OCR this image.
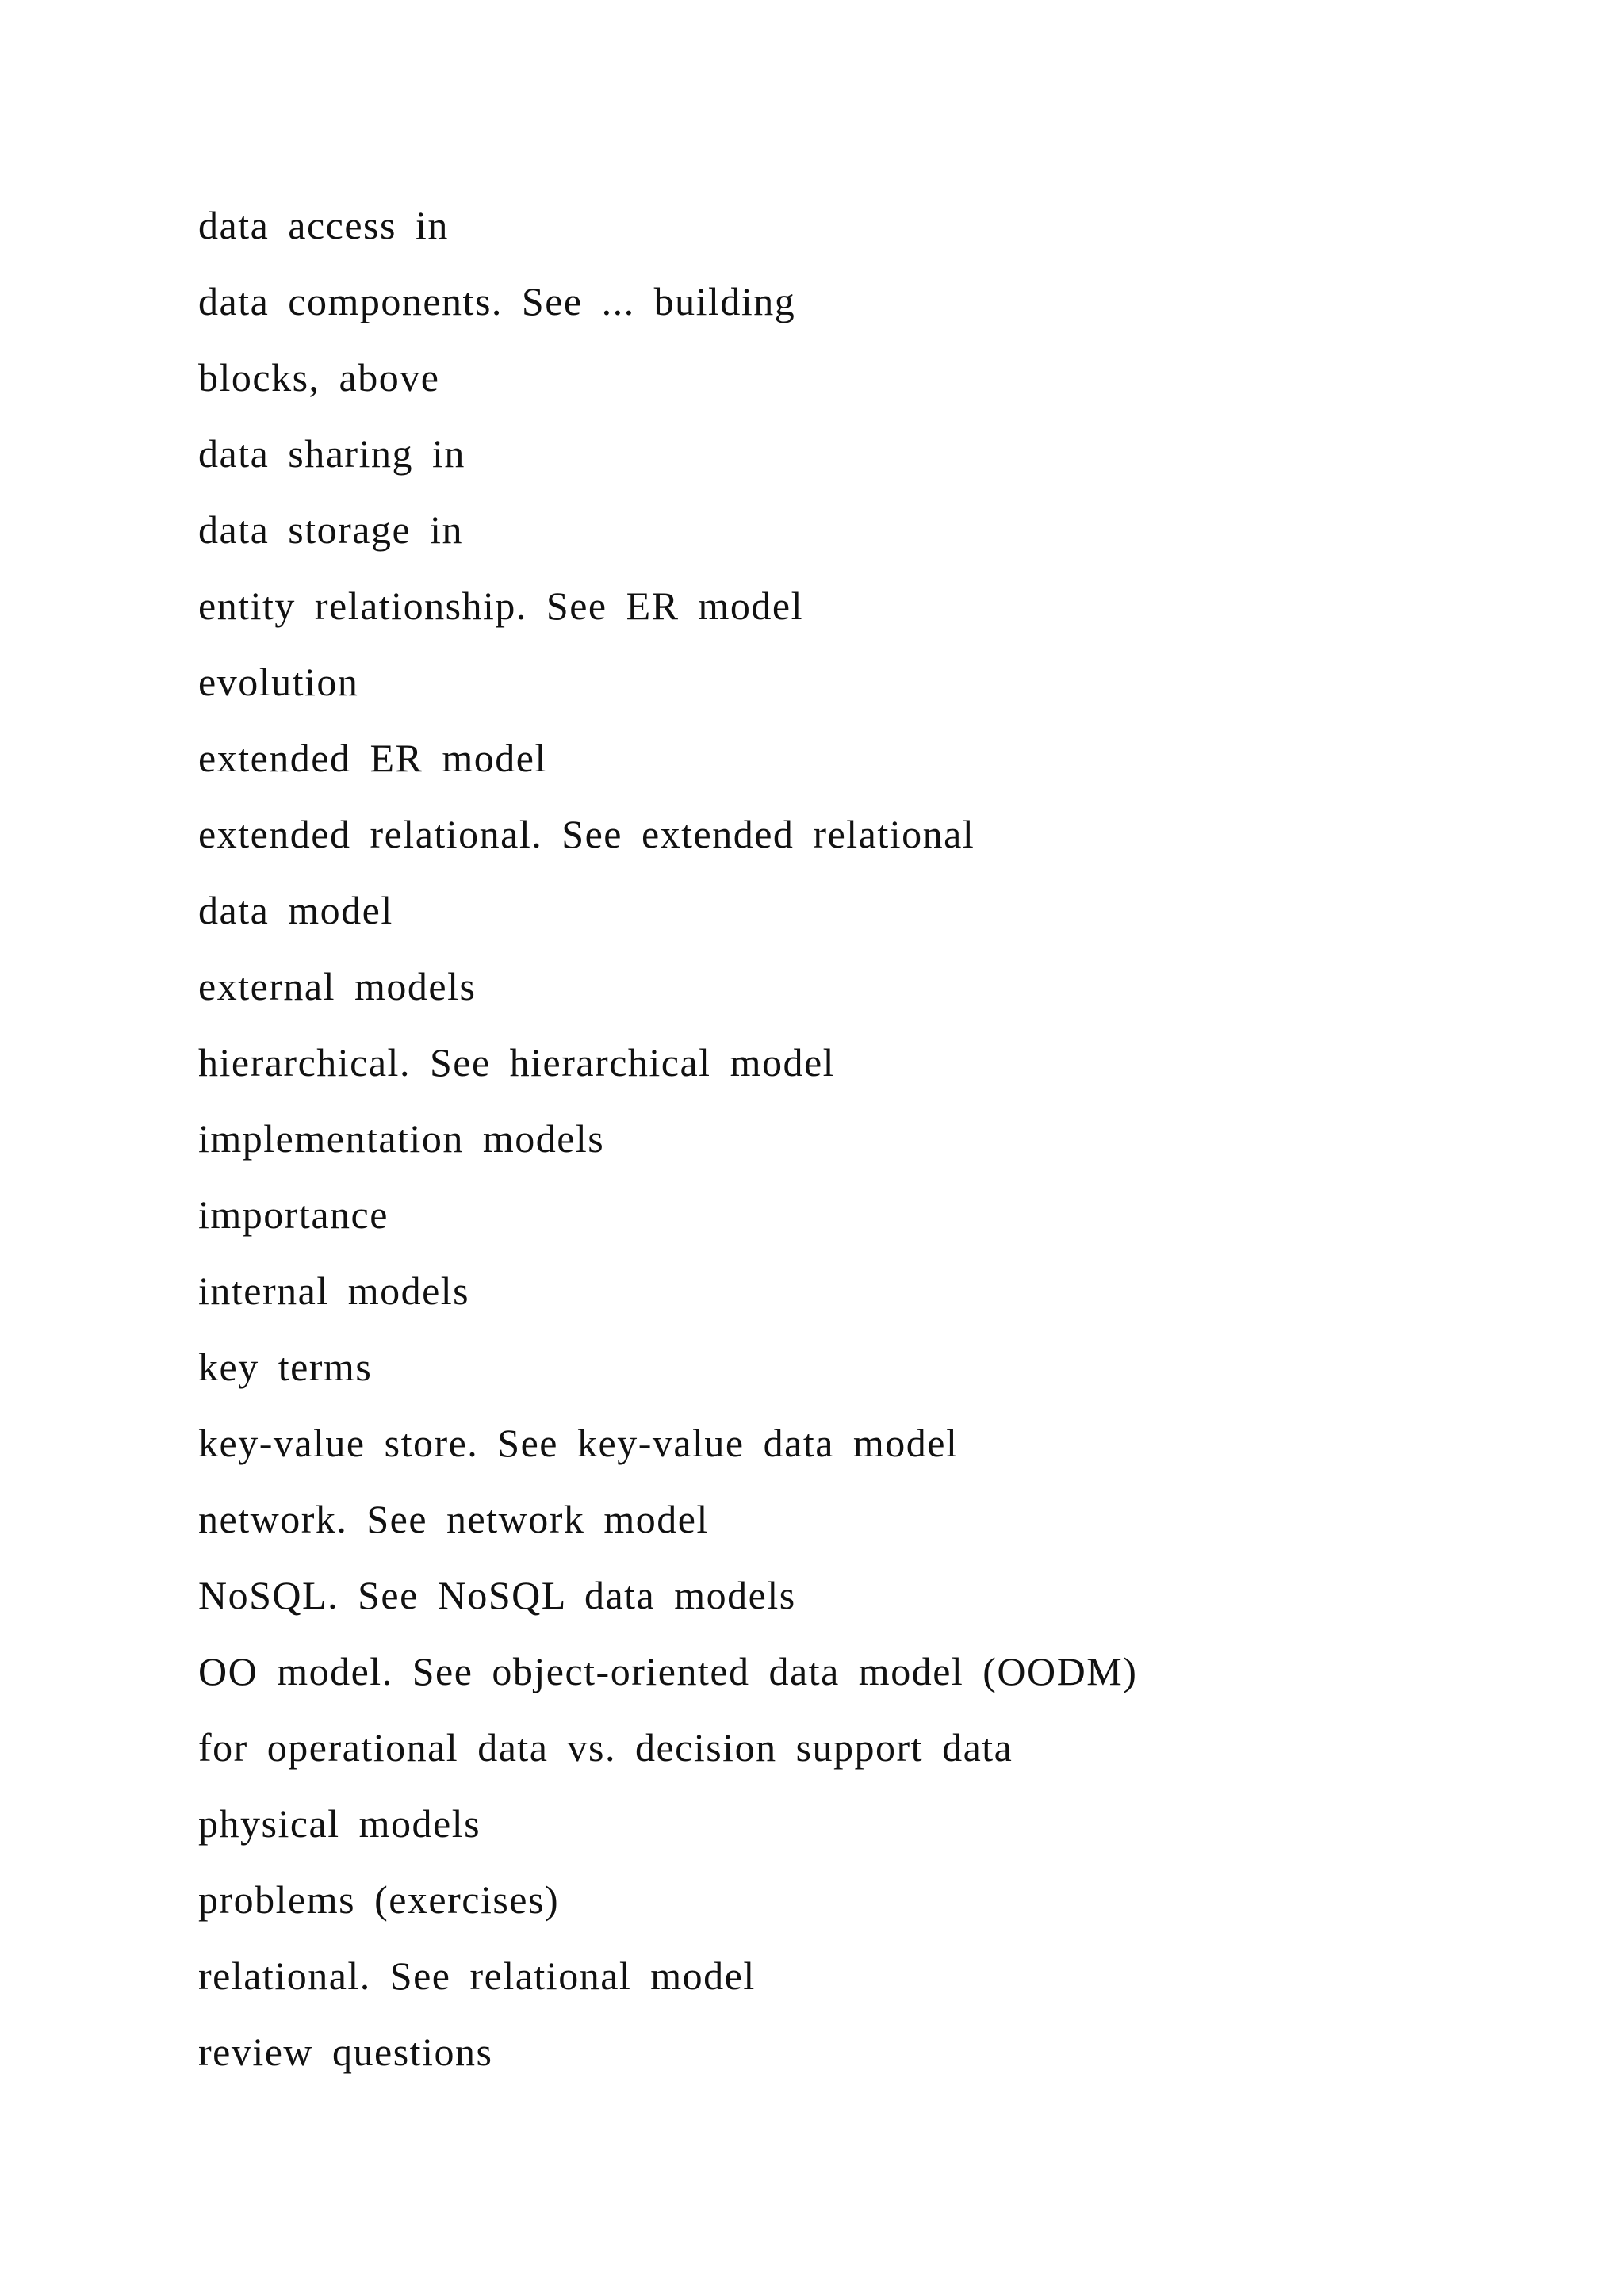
data access in
data components. See ... building
blocks, above
data sharing in
data storage in
entity relationship. See ER model
evolution
extended ER model
extended relational. See extended relational
data model
external models
hierarchical. See hierarchical model
implementation models
importance
internal models
key terms
key-value store. See key-value data model
network. See network model
NoSQL. See NoSQL data models
OO model. See object-oriented data model (OODM)
for operational data vs. decision support data
physical models
problems (exercises)
relational. See relational model
review questions
